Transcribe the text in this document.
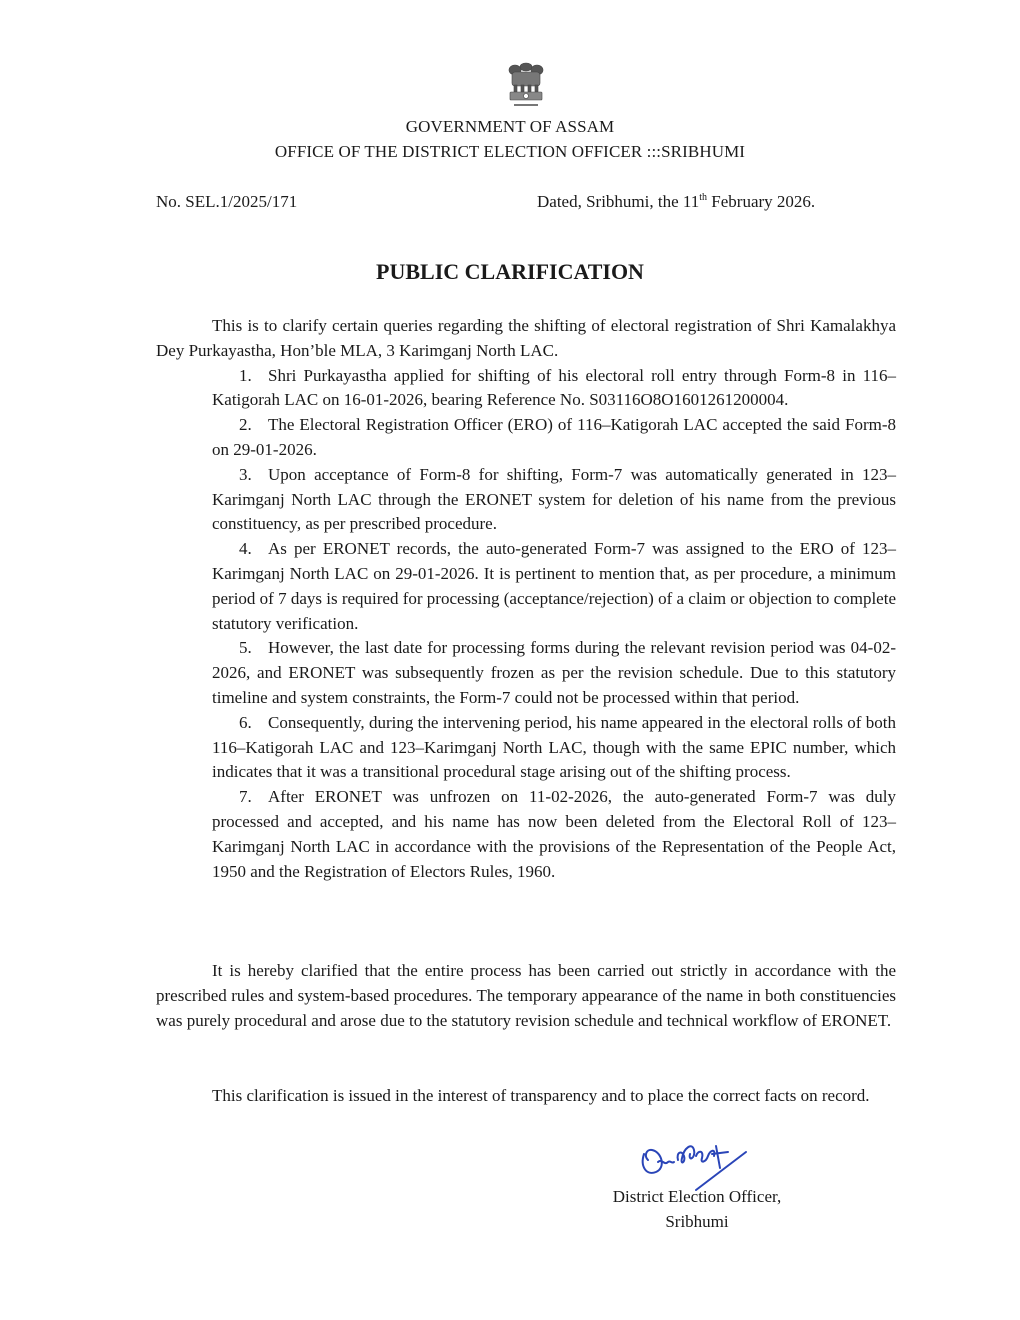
GOVERNMENT OF ASSAM
OFFICE OF THE DISTRICT ELECTION OFFICER :::SRIBHUMI
No. SEL.1/2025/171	Dated, Sribhumi, the 11th February 2026.
PUBLIC CLARIFICATION
This is to clarify certain queries regarding the shifting of electoral registration of Shri Kamalakhya Dey Purkayastha, Hon’ble MLA, 3 Karimganj North LAC.
1. Shri Purkayastha applied for shifting of his electoral roll entry through Form-8 in 116–Katigorah LAC on 16-01-2026, bearing Reference No. S03116O8O1601261200004.
2. The Electoral Registration Officer (ERO) of 116–Katigorah LAC accepted the said Form-8 on 29-01-2026.
3. Upon acceptance of Form-8 for shifting, Form-7 was automatically generated in 123–Karimganj North LAC through the ERONET system for deletion of his name from the previous constituency, as per prescribed procedure.
4. As per ERONET records, the auto-generated Form-7 was assigned to the ERO of 123–Karimganj North LAC on 29-01-2026. It is pertinent to mention that, as per procedure, a minimum period of 7 days is required for processing (acceptance/rejection) of a claim or objection to complete statutory verification.
5. However, the last date for processing forms during the relevant revision period was 04-02-2026, and ERONET was subsequently frozen as per the revision schedule. Due to this statutory timeline and system constraints, the Form-7 could not be processed within that period.
6. Consequently, during the intervening period, his name appeared in the electoral rolls of both 116–Katigorah LAC and 123–Karimganj North LAC, though with the same EPIC number, which indicates that it was a transitional procedural stage arising out of the shifting process.
7. After ERONET was unfrozen on 11-02-2026, the auto-generated Form-7 was duly processed and accepted, and his name has now been deleted from the Electoral Roll of 123–Karimganj North LAC in accordance with the provisions of the Representation of the People Act, 1950 and the Registration of Electors Rules, 1960.
It is hereby clarified that the entire process has been carried out strictly in accordance with the prescribed rules and system-based procedures. The temporary appearance of the name in both constituencies was purely procedural and arose due to the statutory revision schedule and technical workflow of ERONET.
This clarification is issued in the interest of transparency and to place the correct facts on record.
District Election Officer,
Sribhumi
